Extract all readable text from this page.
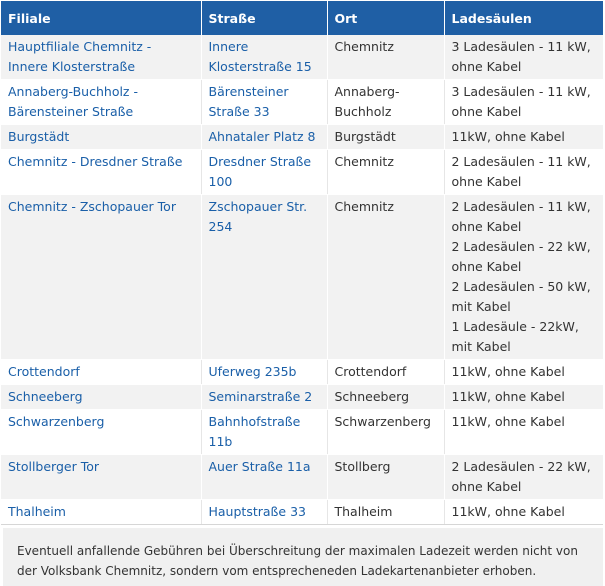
Filiale	Straße	Ort	Ladesäulen
Hauptfiliale Chemnitz - Innere Klosterstraße	Innere Klosterstraße 15	Chemnitz	3 Ladesäulen - 11 kW, ohne Kabel

Annaberg-Buchholz - Bärensteiner Straße	Bärensteiner Straße 33	Annaberg-Buchholz	3 Ladesäulen - 11 kW, ohne Kabel

Burgstädt	Ahnataler Platz 8	Burgstädt	11kW, ohne Kabel

Chemnitz - Dresdner Straße	Dresdner Straße 100	Chemnitz	2 Ladesäulen - 11 kW, ohne Kabel

Chemnitz - Zschopauer Tor	Zschopauer Str. 254	Chemnitz	2 Ladesäulen - 11 kW, ohne Kabel
2 Ladesäulen - 22 kW, ohne Kabel
2 Ladesäulen - 50 kW, mit Kabel
1 Ladesäule - 22kW, mit Kabel

Crottendorf	Uferweg 235b	Crottendorf	11kW, ohne Kabel

Schneeberg	Seminarstraße 2	Schneeberg	11kW, ohne Kabel

Schwarzenberg	Bahnhofstraße 11b	Schwarzenberg	11kW, ohne Kabel

Stollberger Tor	Auer Straße 11a	Stollberg	2 Ladesäulen - 22 kW, ohne Kabel

Thalheim	Hauptstraße 33	Thalheim	11kW, ohne Kabel
Eventuell anfallende Gebühren bei Überschreitung der maximalen Ladezeit werden nicht von der Volksbank Chemnitz, sondern vom entsprecheneden Ladekartenanbieter erhoben.
